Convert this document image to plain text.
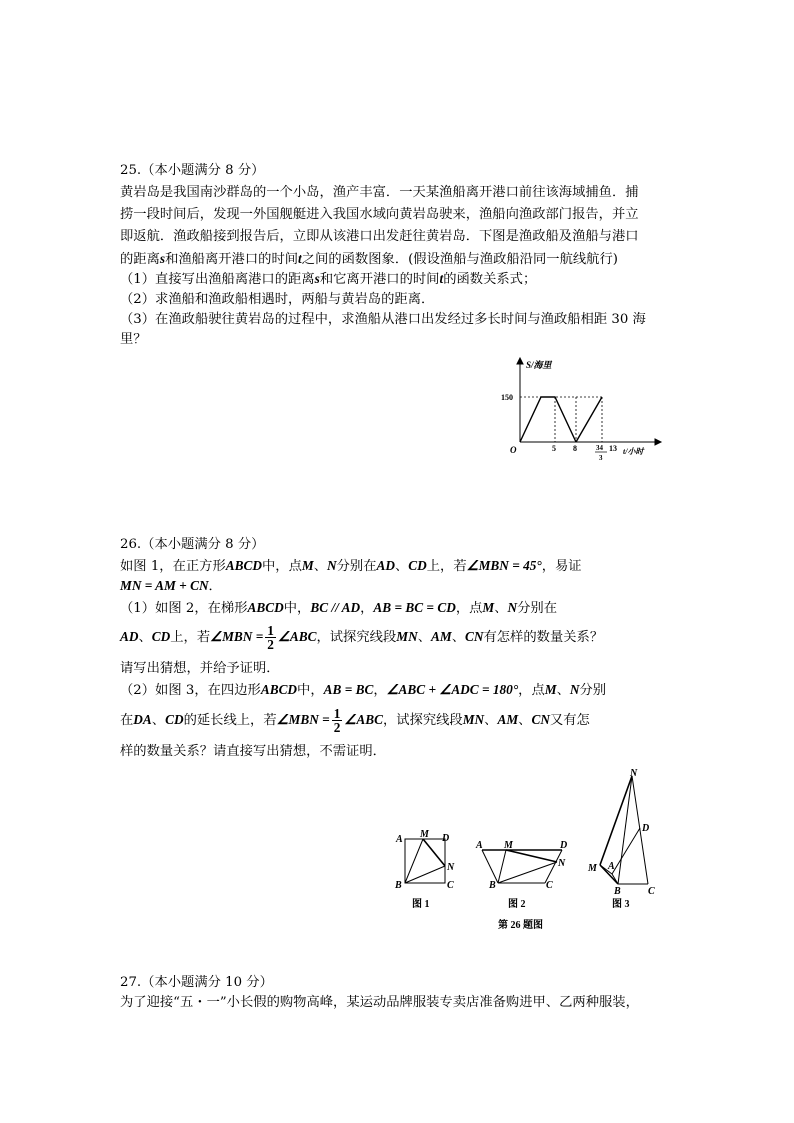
25.（本小题满分 8 分）
黄岩岛是我国南沙群岛的一个小岛，渔产丰富．一天某渔船离开港口前往该海域捕鱼．捕
捞一段时间后，发现一外国舰艇进入我国水域向黄岩岛驶来，渔船向渔政部门报告，并立
即返航．渔政船接到报告后，立即从该港口出发赶往黄岩岛．下图是渔政船及渔船与港口
的距离s和渔船离开港口的时间t之间的函数图象．(假设渔船与渔政船沿同一航线航行)
（1）直接写出渔船离港口的距离s和它离开港口的时间t的函数关系式；
（2）求渔船和渔政船相遇时，两船与黄岩岛的距离．
（3）在渔政船驶往黄岩岛的过程中，求渔船从港口出发经过多长时间与渔政船相距 30 海
里？
S/海里
150
O	5 8	34
3
13 t/小时
26.（本小题满分 8 分）
如图 1，在正方形ABCD中，点M、N分别在AD、CD上，若∠MBN = 45°，易证
MN = AM + CN．
（1）如图 2，在梯形ABCD中，BC // AD，AB = BC = CD，点M、N分别在
AD、CD上，若∠MBN = $\frac{1}{2}$ ∠ABC，试探究线段MN、AM、CN有怎样的数量关系？
请写出猜想，并给予证明．
（2）如图 3，在四边形ABCD中，AB = BC，∠ABC + ∠ADC = 180°，点M、N分别
在DA、CD的延长线上，若∠MBN = $\frac{1}{2}$ ∠ABC，试探究线段MN、AM、CN又有怎
样的数量关系？请直接写出猜想，不需证明．
A M D
N
B	C
A M	D
N
B	C
N
D
M A
B	C
图 1	图 2	图 3
第 26 题图
27.（本小题满分 10 分）
为了迎接“五・一”小长假的购物高峰，某运动品牌服装专卖店准备购进甲、乙两种服装，
